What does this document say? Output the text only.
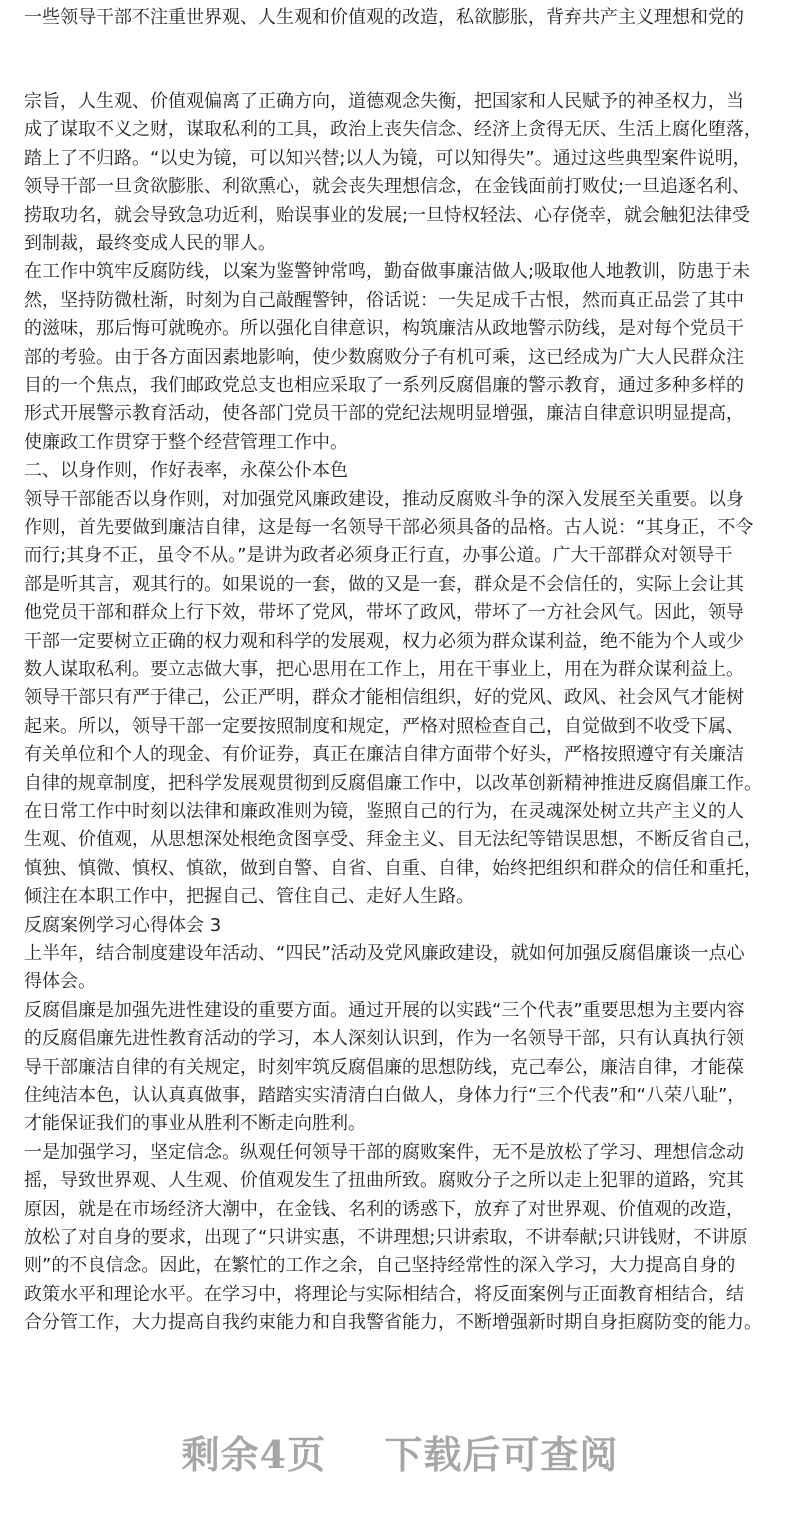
一些领导干部不注重世界观、人生观和价值观的改造，私欲膨胀，背弃共产主义理想和党的
宗旨，人生观、价值观偏离了正确方向，道德观念失衡，把国家和人民赋予的神圣权力，当
成了谋取不义之财，谋取私利的工具，政治上丧失信念、经济上贪得无厌、生活上腐化堕落，
踏上了不归路。“以史为镜，可以知兴替;以人为镜，可以知得失”。通过这些典型案件说明，
领导干部一旦贪欲膨胀、利欲熏心，就会丧失理想信念，在金钱面前打败仗;一旦追逐名利、
捞取功名，就会导致急功近利，贻误事业的发展;一旦恃权轻法、心存侥幸，就会触犯法律受
到制裁，最终变成人民的罪人。
在工作中筑牢反腐防线，以案为鉴警钟常鸣，勤奋做事廉洁做人;吸取他人地教训，防患于未
然，坚持防微杜渐，时刻为自己敲醒警钟，俗话说：一失足成千古恨，然而真正品尝了其中
的滋味，那后悔可就晚亦。所以强化自律意识，构筑廉洁从政地警示防线，是对每个党员干
部的考验。由于各方面因素地影响，使少数腐败分子有机可乘，这已经成为广大人民群众注
目的一个焦点，我们邮政党总支也相应采取了一系列反腐倡廉的警示教育，通过多种多样的
形式开展警示教育活动，使各部门党员干部的党纪法规明显增强，廉洁自律意识明显提高，
使廉政工作贯穿于整个经营管理工作中。
二、以身作则，作好表率，永葆公仆本色
领导干部能否以身作则，对加强党风廉政建设，推动反腐败斗争的深入发展至关重要。以身
作则，首先要做到廉洁自律，这是每一名领导干部必须具备的品格。古人说：“其身正，不令
而行;其身不正，虽令不从。”是讲为政者必须身正行直，办事公道。广大干部群众对领导干
部是听其言，观其行的。如果说的一套，做的又是一套，群众是不会信任的，实际上会让其
他党员干部和群众上行下效，带坏了党风，带坏了政风，带坏了一方社会风气。因此，领导
干部一定要树立正确的权力观和科学的发展观，权力必须为群众谋利益，绝不能为个人或少
数人谋取私利。要立志做大事，把心思用在工作上，用在干事业上，用在为群众谋利益上。
领导干部只有严于律己，公正严明，群众才能相信组织，好的党风、政风、社会风气才能树
起来。所以，领导干部一定要按照制度和规定，严格对照检查自己，自觉做到不收受下属、
有关单位和个人的现金、有价证券，真正在廉洁自律方面带个好头，严格按照遵守有关廉洁
自律的规章制度，把科学发展观贯彻到反腐倡廉工作中，以改革创新精神推进反腐倡廉工作。
在日常工作中时刻以法律和廉政准则为镜，鉴照自己的行为，在灵魂深处树立共产主义的人
生观、价值观，从思想深处根绝贪图享受、拜金主义、目无法纪等错误思想，不断反省自己，
慎独、慎微、慎权、慎欲，做到自警、自省、自重、自律，始终把组织和群众的信任和重托，
倾注在本职工作中，把握自己、管住自己、走好人生路。
反腐案例学习心得体会 3
上半年，结合制度建设年活动、“四民”活动及党风廉政建设，就如何加强反腐倡廉谈一点心
得体会。
反腐倡廉是加强先进性建设的重要方面。通过开展的以实践“三个代表”重要思想为主要内容
的反腐倡廉先进性教育活动的学习，本人深刻认识到，作为一名领导干部，只有认真执行领
导干部廉洁自律的有关规定，时刻牢筑反腐倡廉的思想防线，克己奉公，廉洁自律，才能葆
住纯洁本色，认认真真做事，踏踏实实清清白白做人，身体力行“三个代表”和“八荣八耻”，
才能保证我们的事业从胜利不断走向胜利。
一是加强学习，坚定信念。纵观任何领导干部的腐败案件，无不是放松了学习、理想信念动
摇，导致世界观、人生观、价值观发生了扭曲所致。腐败分子之所以走上犯罪的道路，究其
原因，就是在市场经济大潮中，在金钱、名利的诱惑下，放弃了对世界观、价值观的改造，
放松了对自身的要求，出现了“只讲实惠，不讲理想;只讲索取，不讲奉献;只讲钱财，不讲原
则”的不良信念。因此，在繁忙的工作之余，自己坚持经常性的深入学习，大力提高自身的
政策水平和理论水平。在学习中，将理论与实际相结合，将反面案例与正面教育相结合，结
合分管工作，大力提高自我约束能力和自我警省能力，不断增强新时期自身拒腐防变的能力。
剩余4页 下载后可查阅
